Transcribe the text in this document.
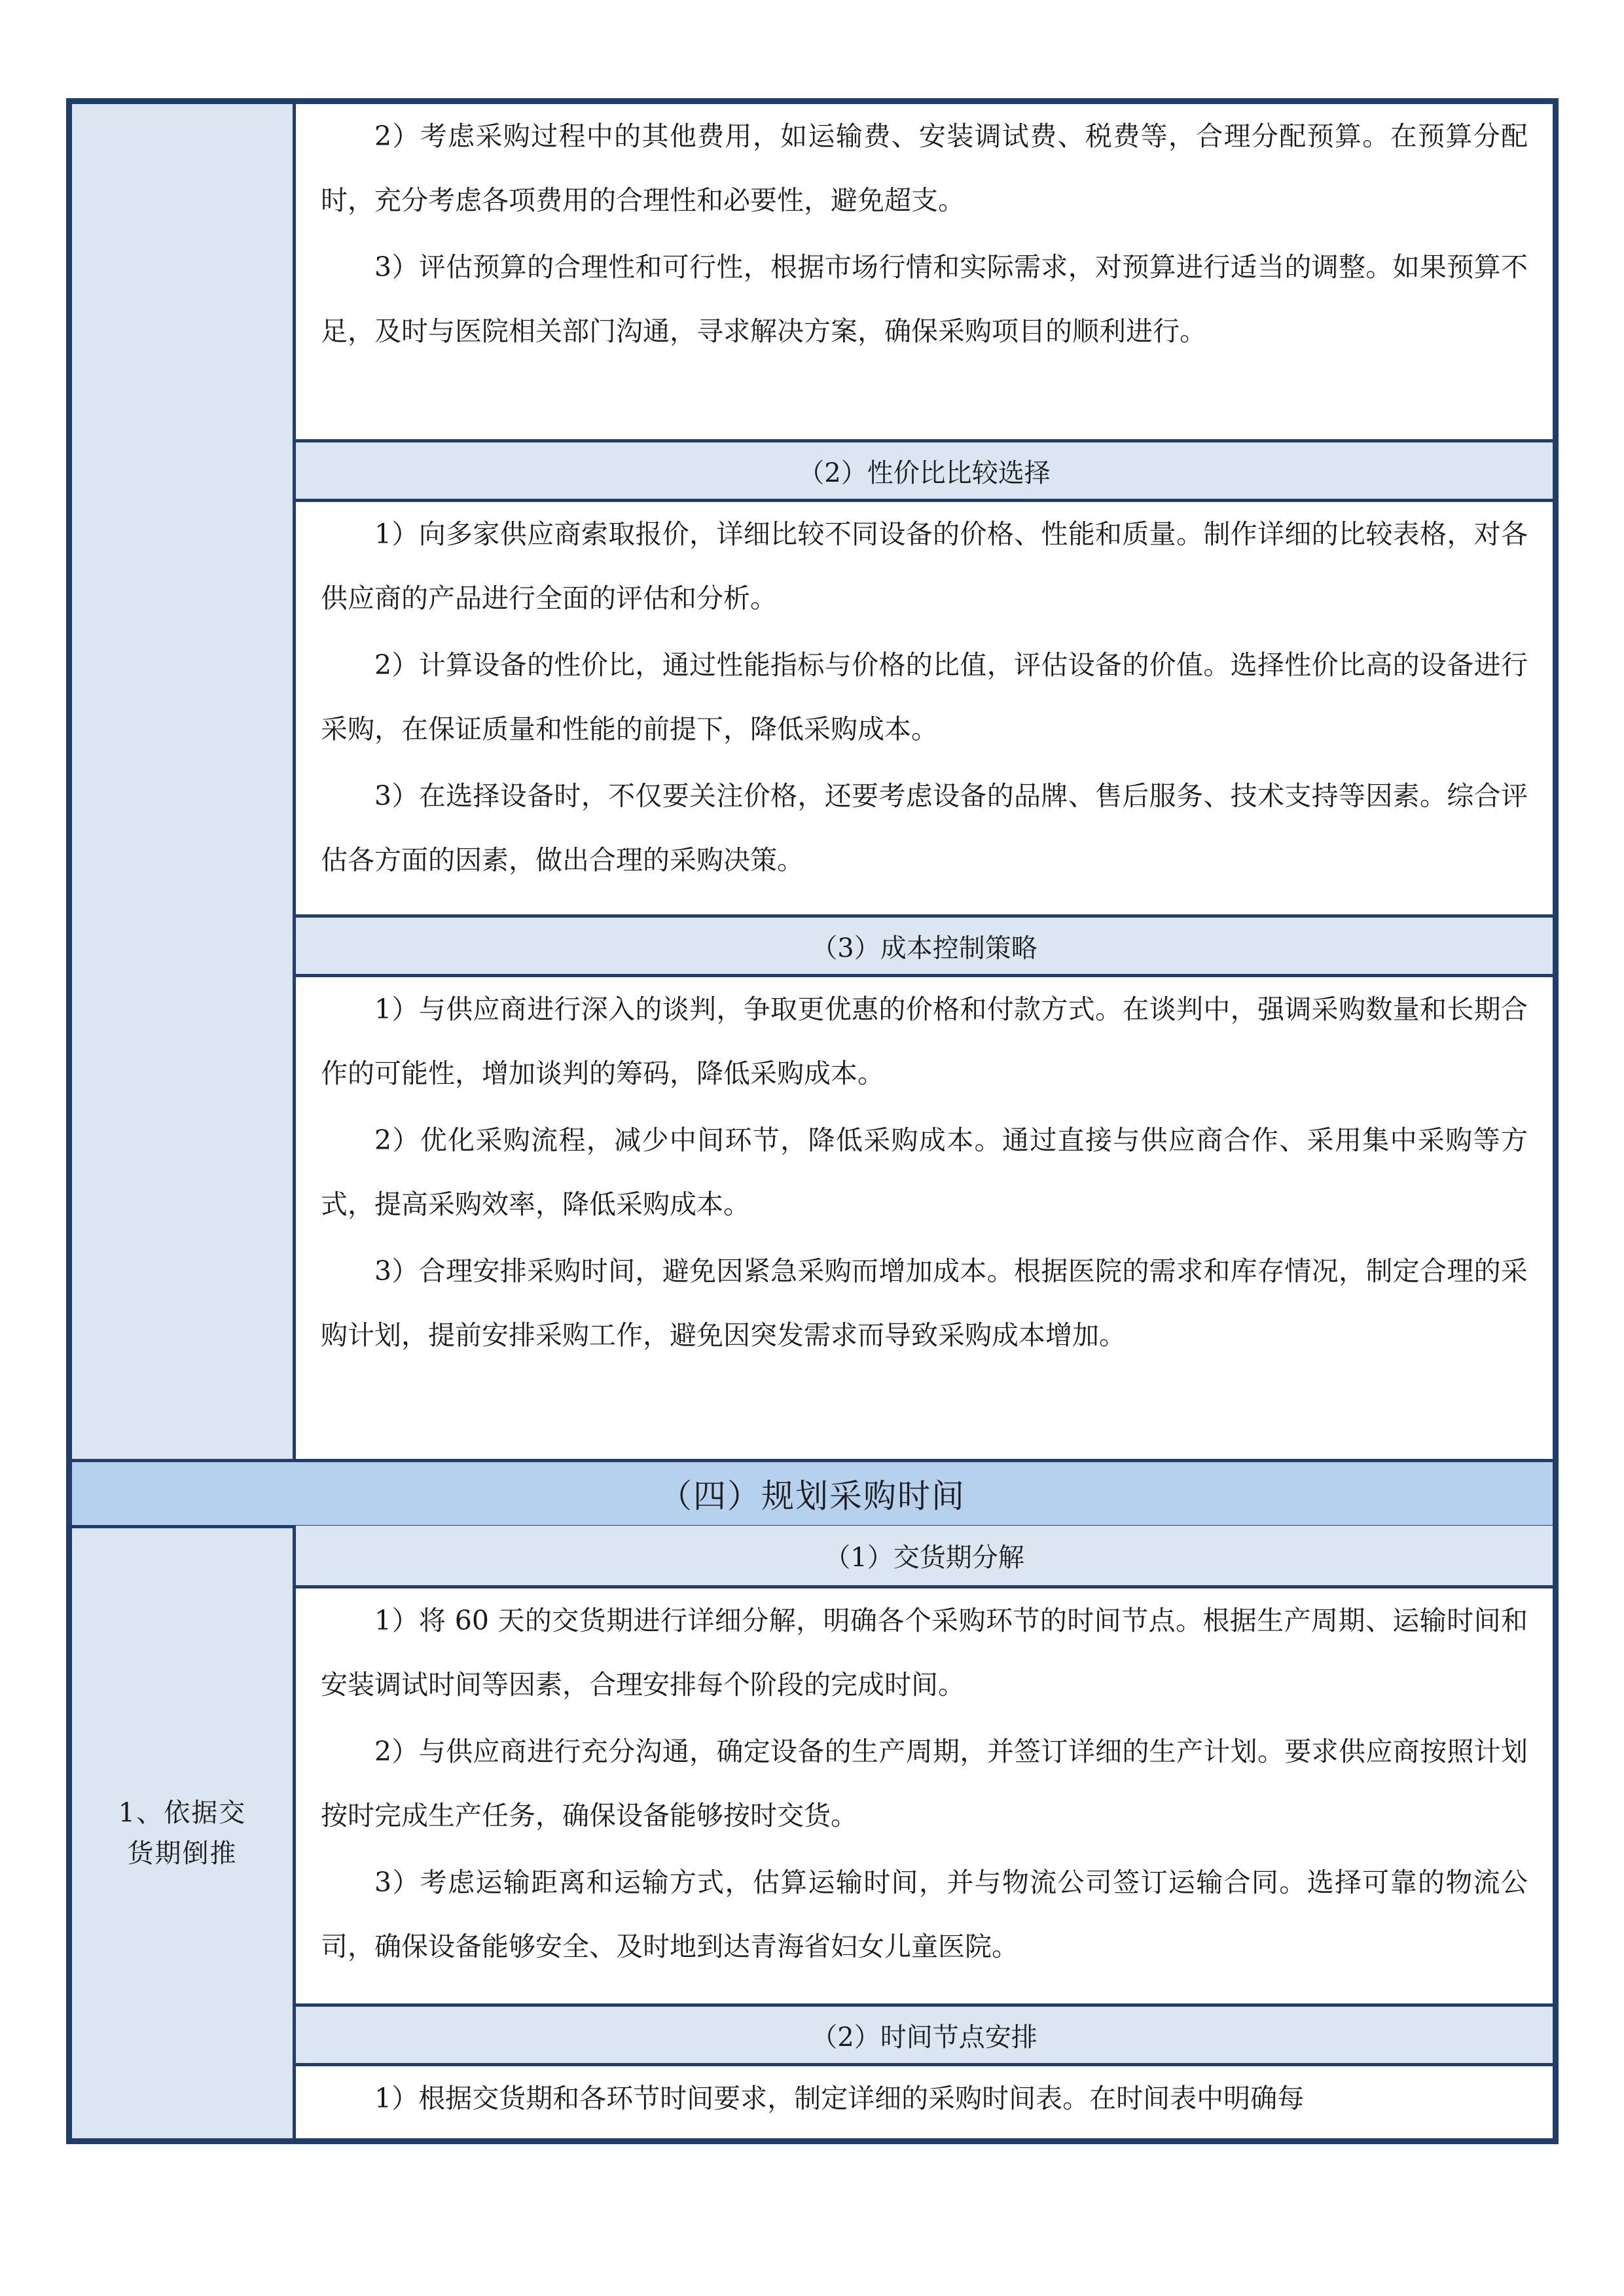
2）考虑采购过程中的其他费用，如运输费、安装调试费、税费等，合理分配预算。在预算分配时，充分考虑各项费用的合理性和必要性，避免超支。

3）评估预算的合理性和可行性，根据市场行情和实际需求，对预算进行适当的调整。如果预算不足，及时与医院相关部门沟通，寻求解决方案，确保采购项目的顺利进行。

（2）性价比比较选择

1）向多家供应商索取报价，详细比较不同设备的价格、性能和质量。制作详细的比较表格，对各供应商的产品进行全面的评估和分析。

2）计算设备的性价比，通过性能指标与价格的比值，评估设备的价值。选择性价比高的设备进行采购，在保证质量和性能的前提下，降低采购成本。

3）在选择设备时，不仅要关注价格，还要考虑设备的品牌、售后服务、技术支持等因素。综合评估各方面的因素，做出合理的采购决策。

（3）成本控制策略

1）与供应商进行深入的谈判，争取更优惠的价格和付款方式。在谈判中，强调采购数量和长期合作的可能性，增加谈判的筹码，降低采购成本。

2）优化采购流程，减少中间环节，降低采购成本。通过直接与供应商合作、采用集中采购等方式，提高采购效率，降低采购成本。

3）合理安排采购时间，避免因紧急采购而增加成本。根据医院的需求和库存情况，制定合理的采购计划，提前安排采购工作，避免因突发需求而导致采购成本增加。

（四）规划采购时间
1、依据交货期倒推
（1）交货期分解

1）将 60 天的交货期进行详细分解，明确各个采购环节的时间节点。根据生产周期、运输时间和安装调试时间等因素，合理安排每个阶段的完成时间。

2）与供应商进行充分沟通，确定设备的生产周期，并签订详细的生产计划。要求供应商按照计划按时完成生产任务，确保设备能够按时交货。

3）考虑运输距离和运输方式，估算运输时间，并与物流公司签订运输合同。选择可靠的物流公司，确保设备能够安全、及时地到达青海省妇女儿童医院。

（2）时间节点安排

1）根据交货期和各环节时间要求，制定详细的采购时间表。在时间表中明确每
